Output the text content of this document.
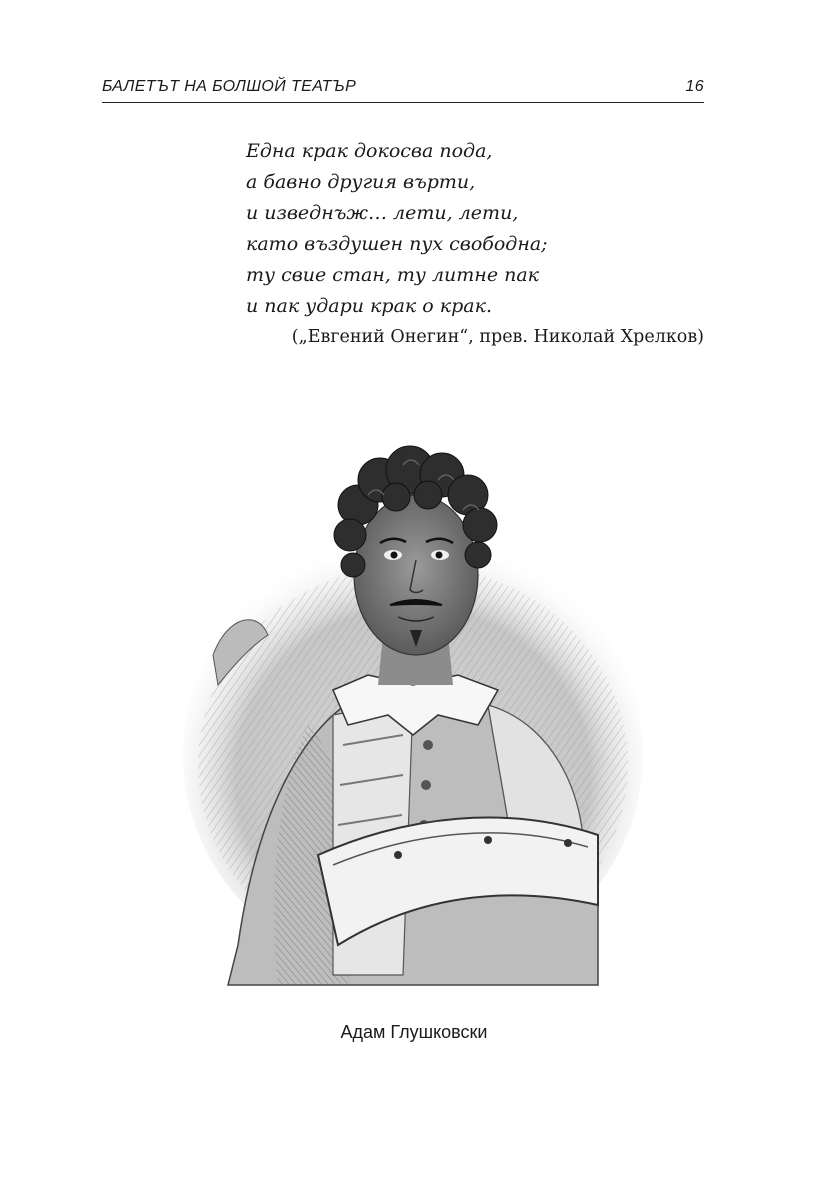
БАЛЕТЪТ НА БОЛШОЙ ТЕАТЪР	16
Една крак докосва пода,
а бавно другия върти,
и изведнъж… лети, лети,
като въздушен пух свободна;
ту свие стан, ту литне пак
и пак удари крак о крак.
(„Евгений Онегин“, прев. Николай Хрелков)
Адам Глушковски
